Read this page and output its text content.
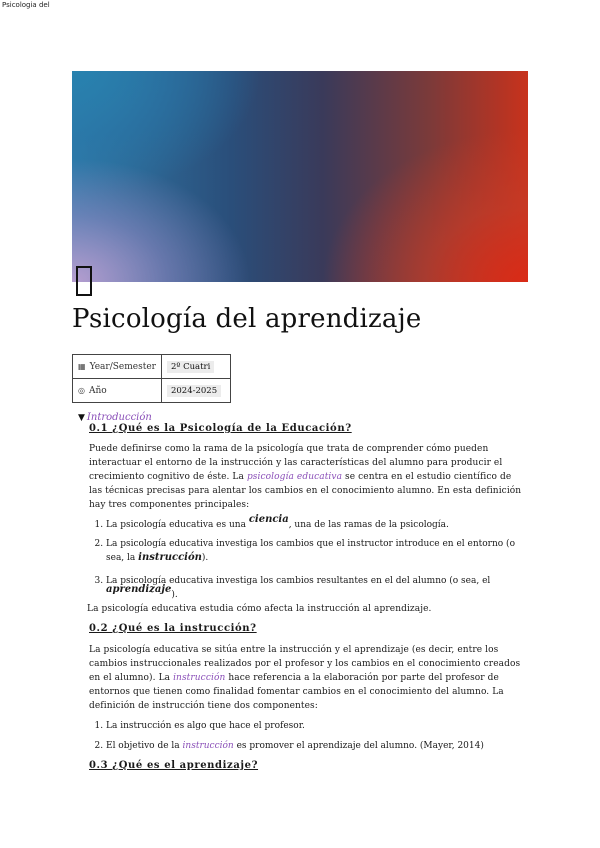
Psicologia del
Psicología del aprendizaje
▦ Year/Semester	2º Cuatri
◎ Año	2024-2025
▼ Introducción
0.1 ¿Qué es la Psicología de la Educación?

Puede definirse como la rama de la psicología que trata de comprender cómo pueden interactuar el entorno de la instrucción y las características del alumno para producir el crecimiento cognitivo de éste. La psicología educativa se centra en el estudio científico de las técnicas precisas para alentar los cambios en el conocimiento alumno. En esta definición hay tres componentes principales:

1. La psicología educativa es una ciencia, una de las ramas de la psicología.
2. La psicología educativa investiga los cambios que el instructor introduce en el entorno (o sea, la instrucción).
3. La psicología educativa investiga los cambios resultantes en el del alumno (o sea, el aprendizaje).

La psicología educativa estudia cómo afecta la instrucción al aprendizaje.

0.2 ¿Qué es la instrucción?

La psicología educativa se sitúa entre la instrucción y el aprendizaje (es decir, entre los cambios instruccionales realizados por el profesor y los cambios en el conocimiento creados en el alumno). La instrucción hace referencia a la elaboración por parte del profesor de entornos que tienen como finalidad fomentar cambios en el conocimiento del alumno. La definición de instrucción tiene dos componentes:

1. La instrucción es algo que hace el profesor.
2. El objetivo de la instrucción es promover el aprendizaje del alumno. (Mayer, 2014)
0.3 ¿Qué es el aprendizaje?
